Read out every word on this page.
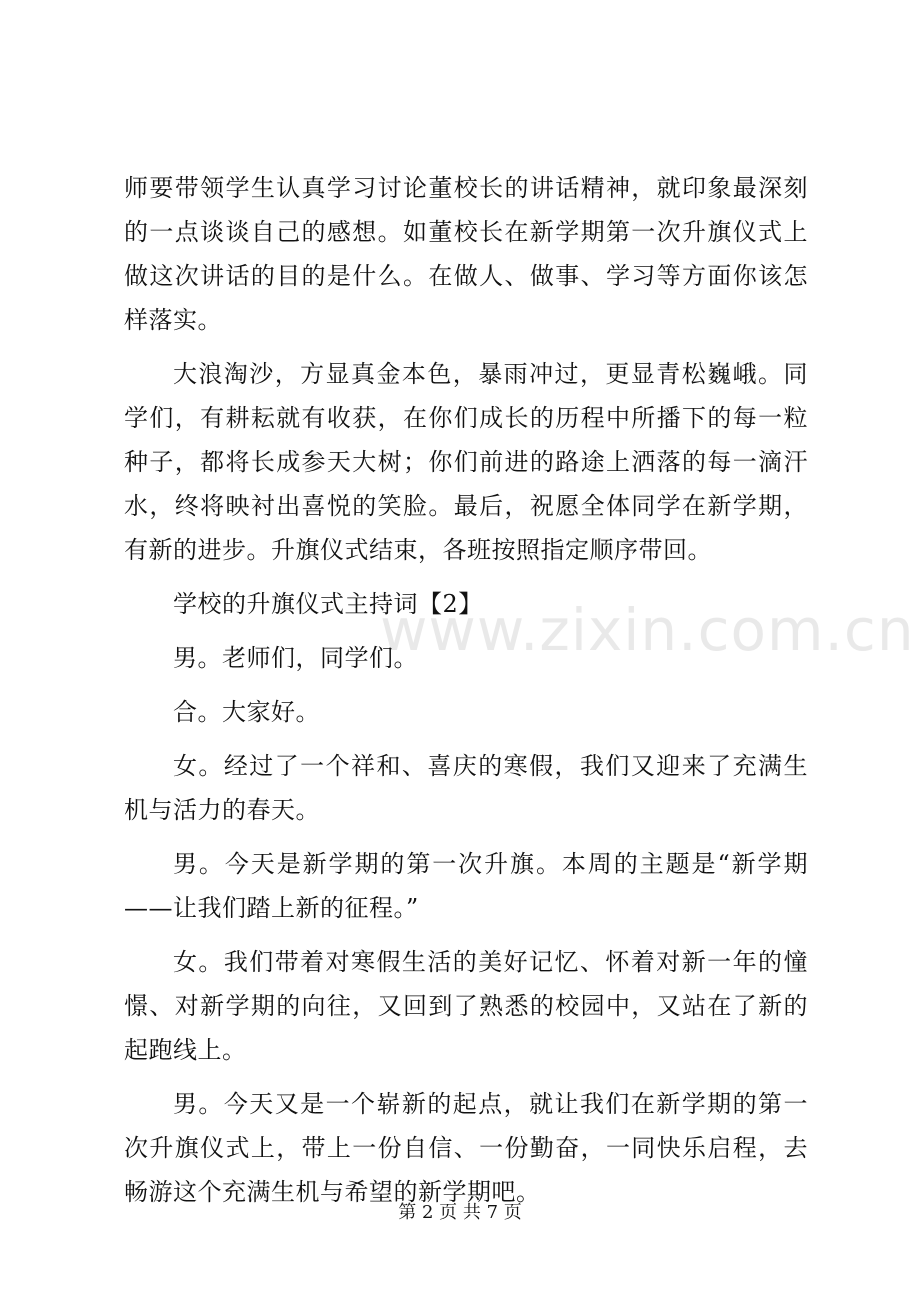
师要带领学生认真学习讨论董校长的讲话精神，就印象最深刻的一点谈谈自己的感想。如董校长在新学期第一次升旗仪式上做这次讲话的目的是什么。在做人、做事、学习等方面你该怎样落实。

大浪淘沙，方显真金本色，暴雨冲过，更显青松巍峨。同学们，有耕耘就有收获，在你们成长的历程中所播下的每一粒种子，都将长成参天大树；你们前进的路途上洒落的每一滴汗水，终将映衬出喜悦的笑脸。最后，祝愿全体同学在新学期，有新的进步。升旗仪式结束，各班按照指定顺序带回。

学校的升旗仪式主持词【2】

男。老师们，同学们。

合。大家好。

女。经过了一个祥和、喜庆的寒假，我们又迎来了充满生机与活力的春天。

男。今天是新学期的第一次升旗。本周的主题是“新学期——让我们踏上新的征程。”

女。我们带着对寒假生活的美好记忆、怀着对新一年的憧憬、对新学期的向往，又回到了熟悉的校园中，又站在了新的起跑线上。

男。今天又是一个崭新的起点，就让我们在新学期的第一次升旗仪式上，带上一份自信、一份勤奋，一同快乐启程，去畅游这个充满生机与希望的新学期吧。

www.zixin.com.cn
第 2 页 共 7 页
